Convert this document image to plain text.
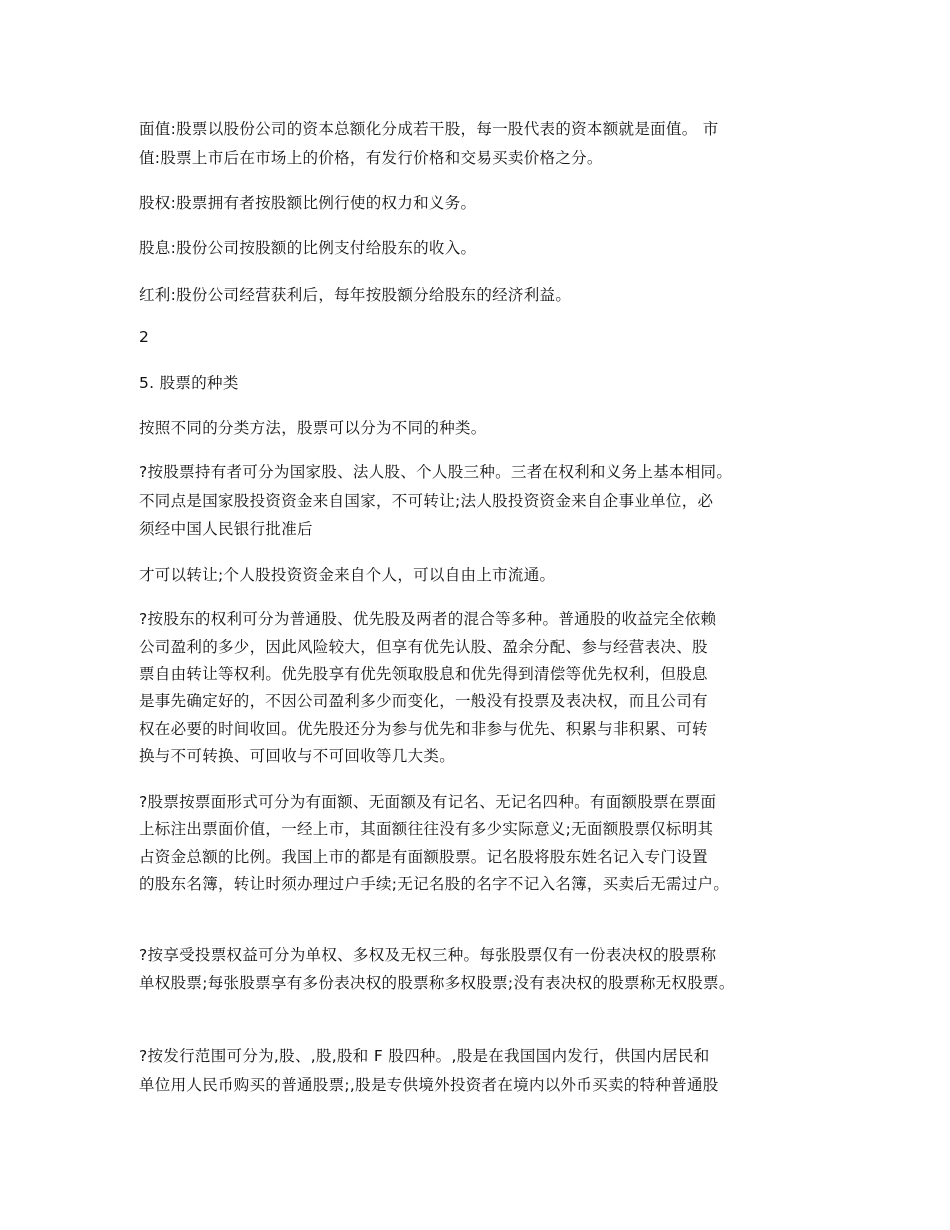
面值:股票以股份公司的资本总额化分成若干股，每一股代表的资本额就是面值。 市
值:股票上市后在市场上的价格，有发行价格和交易买卖价格之分。
股权:股票拥有者按股额比例行使的权力和义务。
股息:股份公司按股额的比例支付给股东的收入。
红利:股份公司经营获利后，每年按股额分给股东的经济利益。
2
5. 股票的种类
按照不同的分类方法，股票可以分为不同的种类。
?按股票持有者可分为国家股、法人股、个人股三种。三者在权利和义务上基本相同。
不同点是国家股投资资金来自国家，不可转让;法人股投资资金来自企事业单位，必
须经中国人民银行批准后
才可以转让;个人股投资资金来自个人，可以自由上市流通。
?按股东的权利可分为普通股、优先股及两者的混合等多种。普通股的收益完全依赖
公司盈利的多少，因此风险较大，但享有优先认股、盈余分配、参与经营表决、股
票自由转让等权利。优先股享有优先领取股息和优先得到清偿等优先权利，但股息
是事先确定好的，不因公司盈利多少而变化，一般没有投票及表决权，而且公司有
权在必要的时间收回。优先股还分为参与优先和非参与优先、积累与非积累、可转
换与不可转换、可回收与不可回收等几大类。
?股票按票面形式可分为有面额、无面额及有记名、无记名四种。有面额股票在票面
上标注出票面价值，一经上市，其面额往往没有多少实际意义;无面额股票仅标明其
占资金总额的比例。我国上市的都是有面额股票。记名股将股东姓名记入专门设置
的股东名簿，转让时须办理过户手续;无记名股的名字不记入名簿，买卖后无需过户。
?按享受投票权益可分为单权、多权及无权三种。每张股票仅有一份表决权的股票称
单权股票;每张股票享有多份表决权的股票称多权股票;没有表决权的股票称无权股票。
?按发行范围可分为,股、,股,股和 F 股四种。,股是在我国国内发行，供国内居民和
单位用人民币购买的普通股票;,股是专供境外投资者在境内以外币买卖的特种普通股
